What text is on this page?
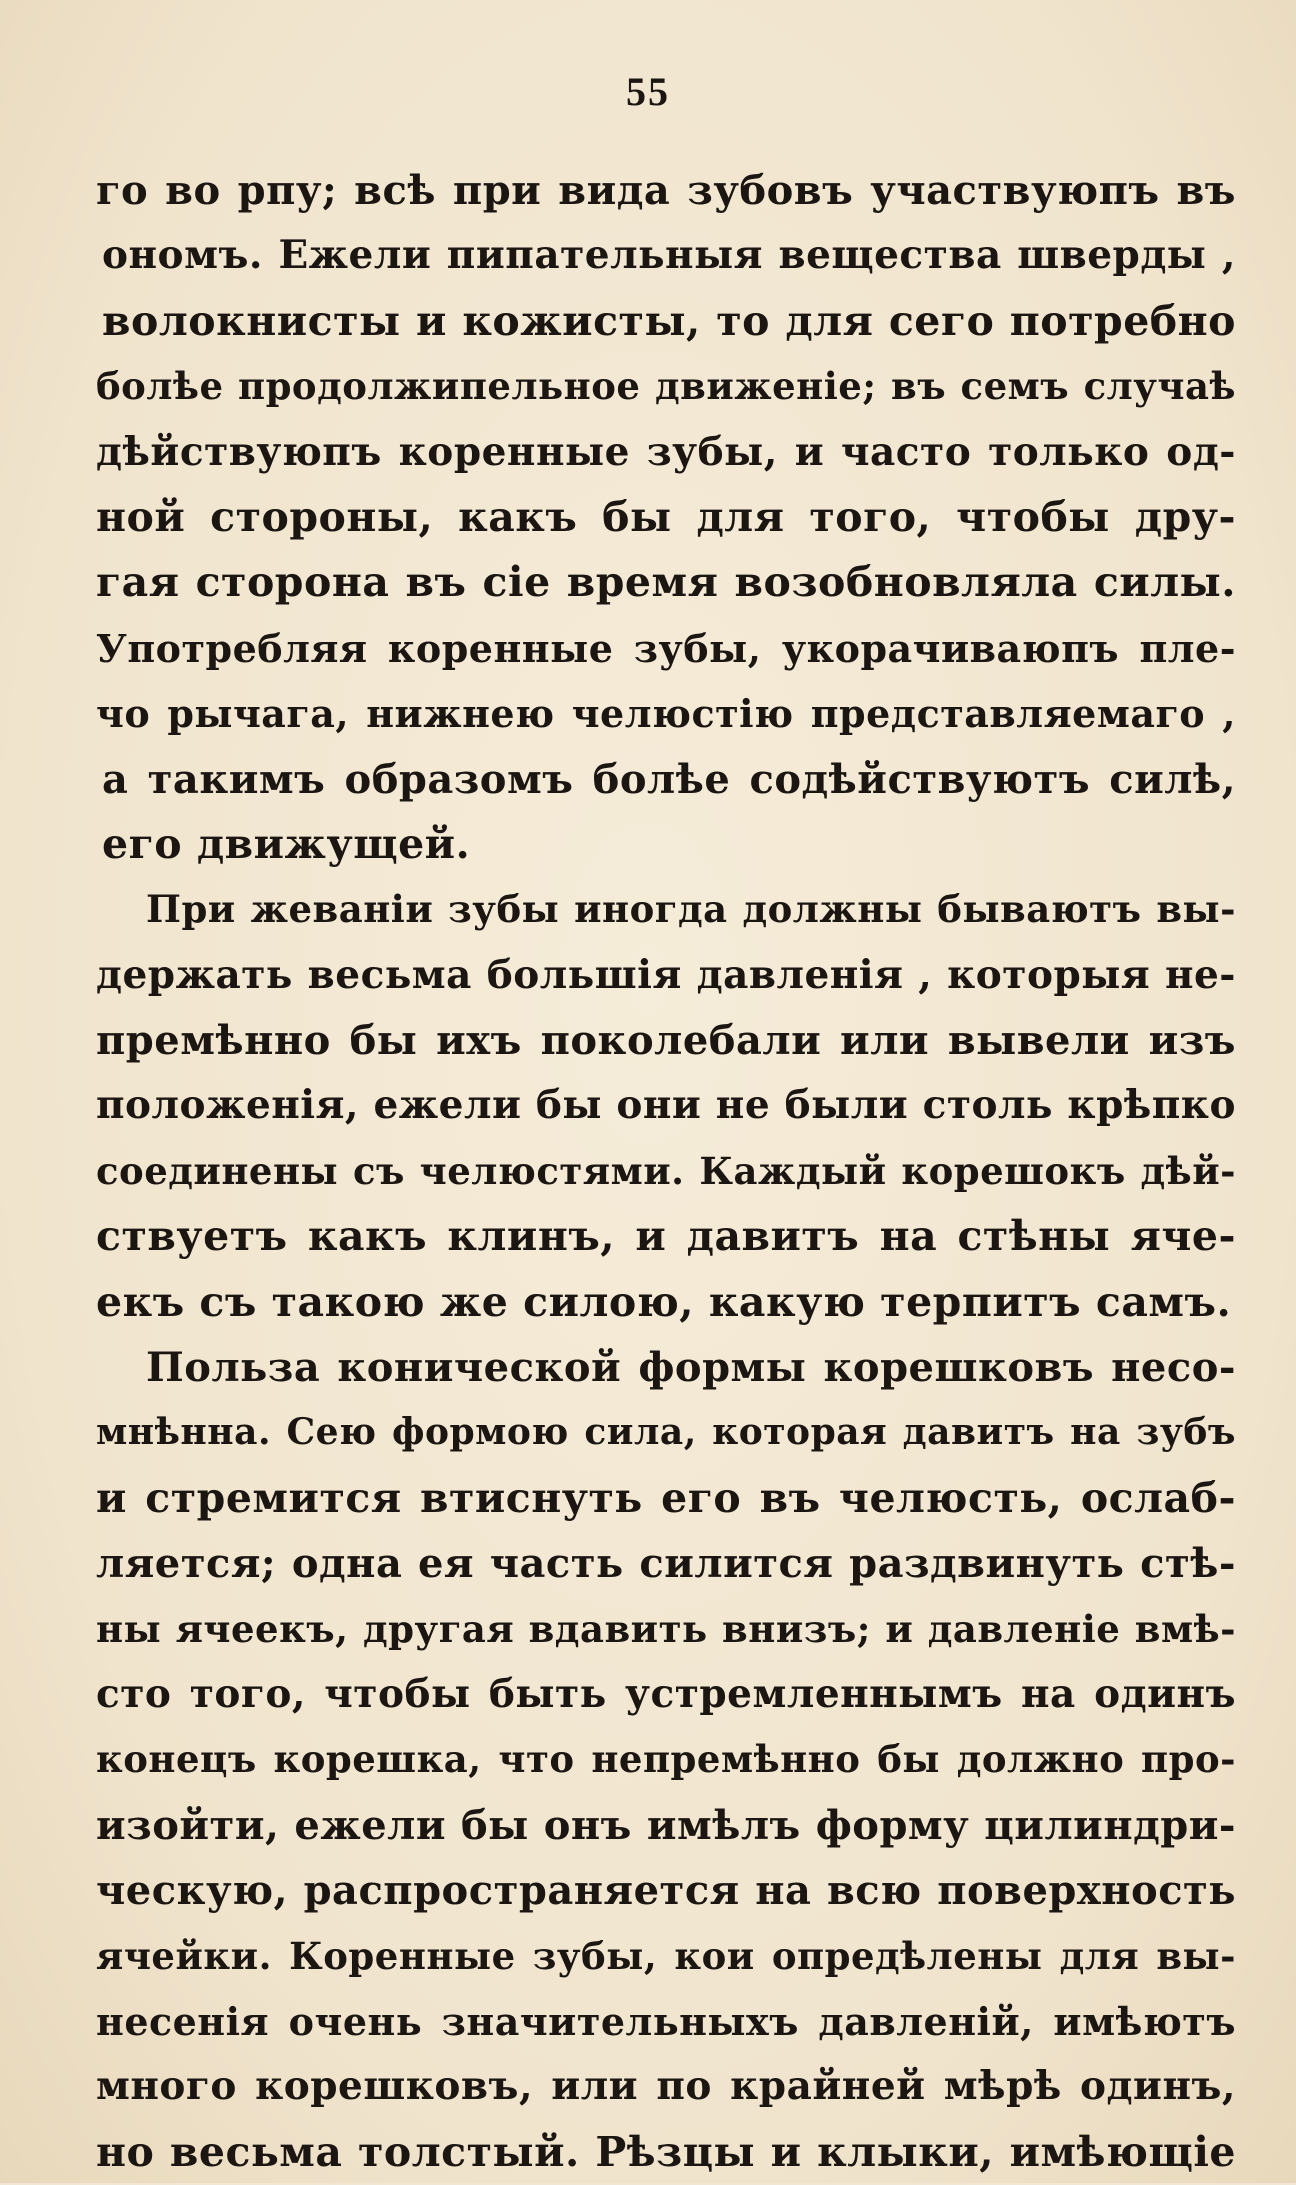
55
го во рпу; всѣ при вида зубовъ участвуюпъ въ
ономъ. Ежели пипательныя вещества шверды ,
волокнисты и кожисты, то для сего потребно
болѣе продолжипельное движеніе; въ семъ случаѣ
дѣйствуюпъ коренные зубы, и часто только од-
ной стороны, какъ бы для того, чтобы дру-
гая сторона въ сіе время возобновляла силы.
Употребляя коренные зубы, укорачиваюпъ пле-
чо рычага, нижнею челюстію представляемаго ,
а такимъ образомъ болѣе содѣйствуютъ силѣ,
его движущей.
При жеваніи зубы иногда должны бываютъ вы-
держать весьма большія давленія , которыя не-
премѣнно бы ихъ поколебали или вывели изъ
положенія, ежели бы они не были столь крѣпко
соединены съ челюстями. Каждый корешокъ дѣй-
ствуетъ какъ клинъ, и давитъ на стѣны яче-
екъ съ такою же силою, какую терпитъ самъ.
Польза конической формы корешковъ несо-
мнѣнна. Сею формою сила, которая давитъ на зубъ
и стремится втиснуть его въ челюсть, ослаб-
ляется; одна ея часть силится раздвинуть стѣ-
ны ячеекъ, другая вдавить внизъ; и давленіе вмѣ-
сто того, чтобы быть устремленнымъ на одинъ
конецъ корешка, что непремѣнно бы должно про-
изойти, ежели бы онъ имѣлъ форму цилиндри-
ческую, распространяется на всю поверхность
ячейки. Коренные зубы, кои опредѣлены для вы-
несенія очень значительныхъ давленій, имѣютъ
много корешковъ, или по крайней мѣрѣ одинъ,
но весьма толстый. Рѣзцы и клыки, имѣющіе
